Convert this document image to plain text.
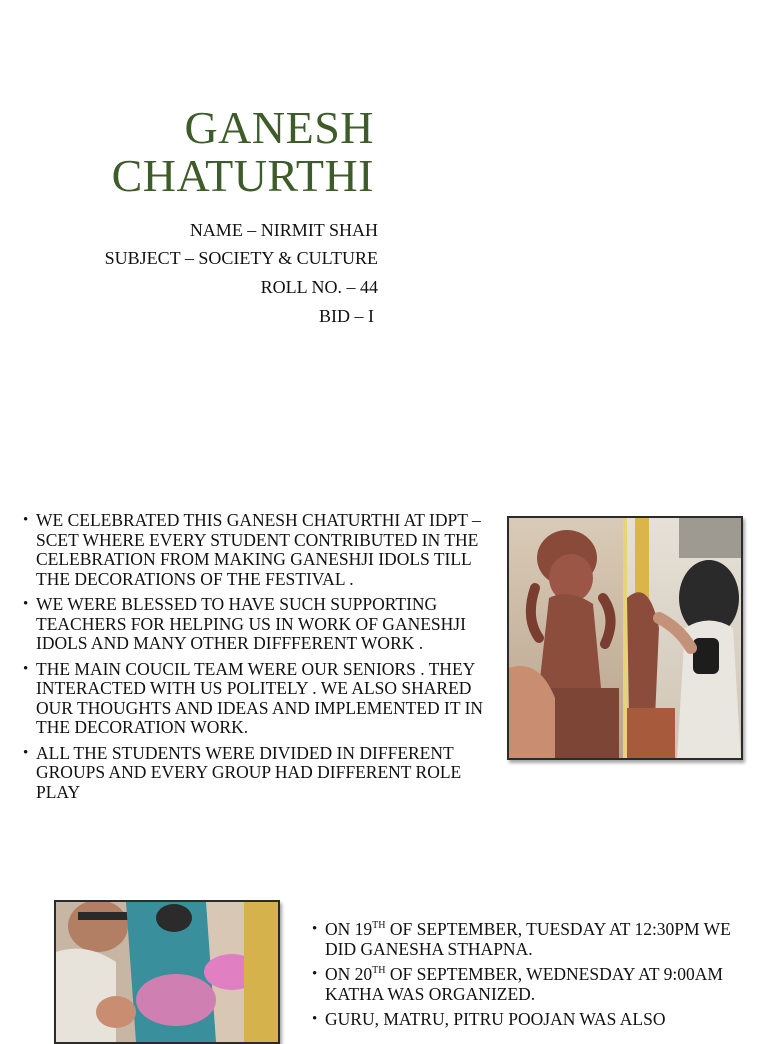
GANESH
CHATURTHI
NAME – NIRMIT SHAH
SUBJECT – SOCIETY & CULTURE
ROLL NO. – 44
BID – I
• WE CELEBRATED THIS GANESH CHATURTHI AT IDPT – SCET WHERE EVERY STUDENT CONTRIBUTED IN THE CELEBRATION FROM MAKING GANESHJI IDOLS TILL THE DECORATIONS OF THE FESTIVAL .
• WE WERE BLESSED TO HAVE SUCH SUPPORTING TEACHERS FOR HELPING US IN WORK OF GANESHJI IDOLS AND MANY OTHER DIFFFERENT WORK .
• THE MAIN COUCIL TEAM WERE OUR SENIORS . THEY INTERACTED WITH US POLITELY . WE ALSO SHARED OUR THOUGHTS AND IDEAS AND IMPLEMENTED IT IN THE DECORATION WORK.
• ALL THE STUDENTS WERE DIVIDED IN DIFFERENT GROUPS AND EVERY GROUP HAD DIFFERENT ROLE PLAY
• ON 19TH OF SEPTEMBER, TUESDAY AT 12:30PM WE DID GANESHA STHAPNA.
• ON 20TH OF SEPTEMBER, WEDNESDAY AT 9:00AM KATHA WAS ORGANIZED.
• GURU, MATRU, PITRU POOJAN WAS ALSO
